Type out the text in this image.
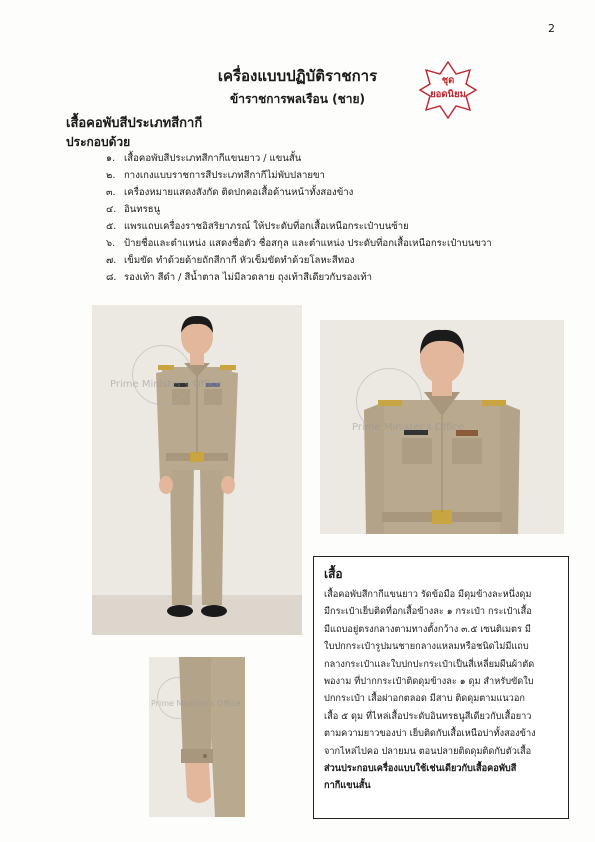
2
เครื่องแบบปฏิบัติราชการ
ข้าราชการพลเรือน (ชาย)
ชุด
ยอดนิยม
เสื้อคอพับสีประเภทสีกากี
ประกอบด้วย
๑. เสื้อคอพับสีประเภทสีกากีแขนยาว / แขนสั้น
๒. กางเกงแบบราชการสีประเภทสีกากีไม่พับปลายขา
๓. เครื่องหมายแสดงสังกัด ติดปกคอเสื้อด้านหน้าทั้งสองข้าง
๔. อินทรธนู
๕. แพรแถบเครื่องราชอิสริยาภรณ์ ให้ประดับที่อกเสื้อเหนือกระเป๋าบนซ้าย
๖. ป้ายชื่อและตำแหน่ง แสดงชื่อตัว ชื่อสกุล และตำแหน่ง ประดับที่อกเสื้อเหนือกระเป๋าบนขวา
๗. เข็มขัด ทำด้วยด้ายถักสีกากี หัวเข็มขัดทำด้วยโลหะสีทอง
๘. รองเท้า สีดำ / สีน้ำตาล ไม่มีลวดลาย ถุงเท้าสีเดียวกับรองเท้า
Prime Minister's Office
Prime Minister's Office
Prime Minister's Office
เสื้อ
เสื้อคอพับสีกากีแขนยาว รัดข้อมือ มีดุมข้างละหนึ่งดุม
มีกระเป๋าเย็บติดที่อกเสื้อข้างละ ๑ กระเป๋า กระเป๋าเสื้อ
มีแถบอยู่ตรงกลางตามทางตั้งกว้าง ๓.๕ เซนติเมตร มี
ใบปกกระเป๋ารูปมนชายกลางแหลมหรือชนิดไม่มีแถบ
กลางกระเป๋าและใบปกปะกระเป๋าเป็นสี่เหลี่ยมผืนผ้าตัด
พองาม ที่ปากกระเป๋าติดดุมข้างละ ๑ ดุม สำหรับขัดใบ
ปกกระเป๋า เสื้อผ่าอกตลอด มีสาบ ติดดุมตามแนวอก
เสื้อ ๕ ดุม ที่ไหล่เสื้อประดับอินทรธนูสีเดียวกับเสื้อยาว
ตามความยาวของบ่า เย็บติดกับเสื้อเหนือบ่าทั้งสองข้าง
จากไหล่ไปคอ ปลายมน ตอนปลายติดดุมติดกับตัวเสื้อ
ส่วนประกอบเครื่องแบบใช้เช่นเดียวกับเสื้อคอพับสี
กากีแขนสั้น
